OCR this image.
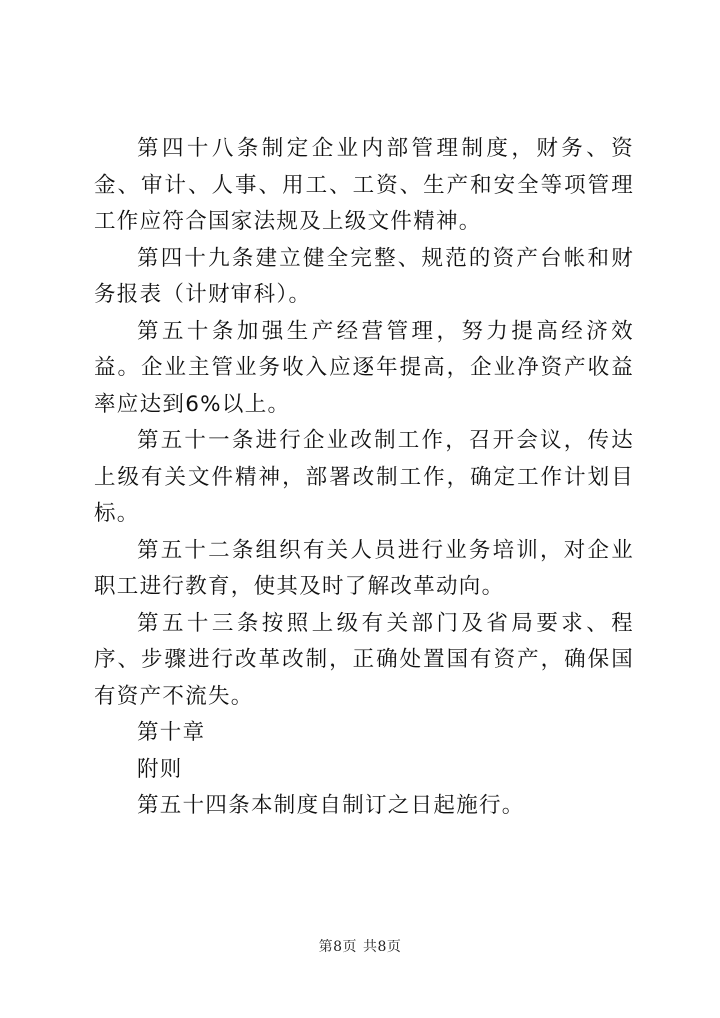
第四十八条制定企业内部管理制度，财务、资金、审计、人事、用工、工资、生产和安全等项管理工作应符合国家法规及上级文件精神。

第四十九条建立健全完整、规范的资产台帐和财务报表（计财审科）。

第五十条加强生产经营管理，努力提高经济效益。企业主管业务收入应逐年提高，企业净资产收益率应达到6%以上。

第五十一条进行企业改制工作，召开会议，传达上级有关文件精神，部署改制工作，确定工作计划目标。

第五十二条组织有关人员进行业务培训，对企业职工进行教育，使其及时了解改革动向。

第五十三条按照上级有关部门及省局要求、程序、步骤进行改革改制，正确处置国有资产，确保国有资产不流失。

第十章

附则

第五十四条本制度自制订之日起施行。

第8页 共8页
